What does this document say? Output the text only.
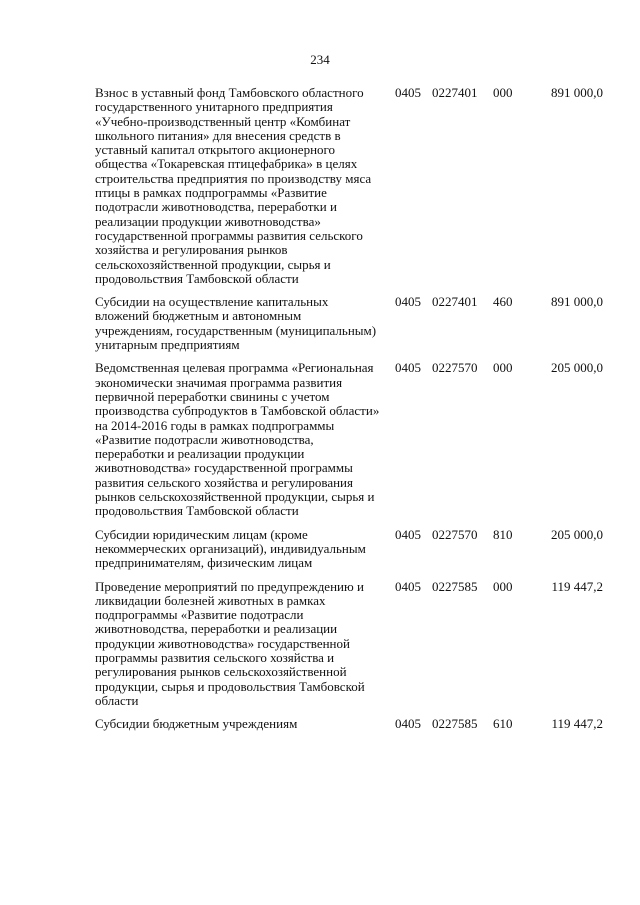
234
Взнос в уставный фонд Тамбовского областного государственного унитарного предприятия «Учебно-производственный центр «Комбинат школьного питания» для внесения средств в уставный капитал открытого акционерного общества «Токаревская птицефабрика» в целях строительства предприятия по производству мяса птицы в рамках подпрограммы «Развитие подотрасли животноводства, переработки и реализации продукции животноводства» государственной программы развития сельского хозяйства и регулирования рынков сельскохозяйственной продукции, сырья и продовольствия Тамбовской области
0405 0227401 000	891 000,0
Субсидии на осуществление капитальных вложений бюджетным и автономным учреждениям, государственным (муниципальным) унитарным предприятиям
0405 0227401 460	891 000,0
Ведомственная целевая программа «Региональная экономически значимая программа развития первичной переработки свинины с учетом производства субпродуктов в Тамбовской области» на 2014-2016 годы в рамках подпрограммы «Развитие подотрасли животноводства, переработки и реализации продукции животноводства» государственной программы развития сельского хозяйства и регулирования рынков сельскохозяйственной продукции, сырья и продовольствия Тамбовской области
0405 0227570 000	205 000,0
Субсидии юридическим лицам (кроме некоммерческих организаций), индивидуальным предпринимателям, физическим лицам
0405 0227570 810	205 000,0
Проведение мероприятий по предупреждению и ликвидации болезней животных в рамках подпрограммы «Развитие подотрасли животноводства, переработки и реализации продукции животноводства» государственной программы развития сельского хозяйства и регулирования рынков сельскохозяйственной продукции, сырья и продовольствия Тамбовской области
0405 0227585 000	119 447,2
Субсидии бюджетным учреждениям	0405 0227585 610	119 447,2
